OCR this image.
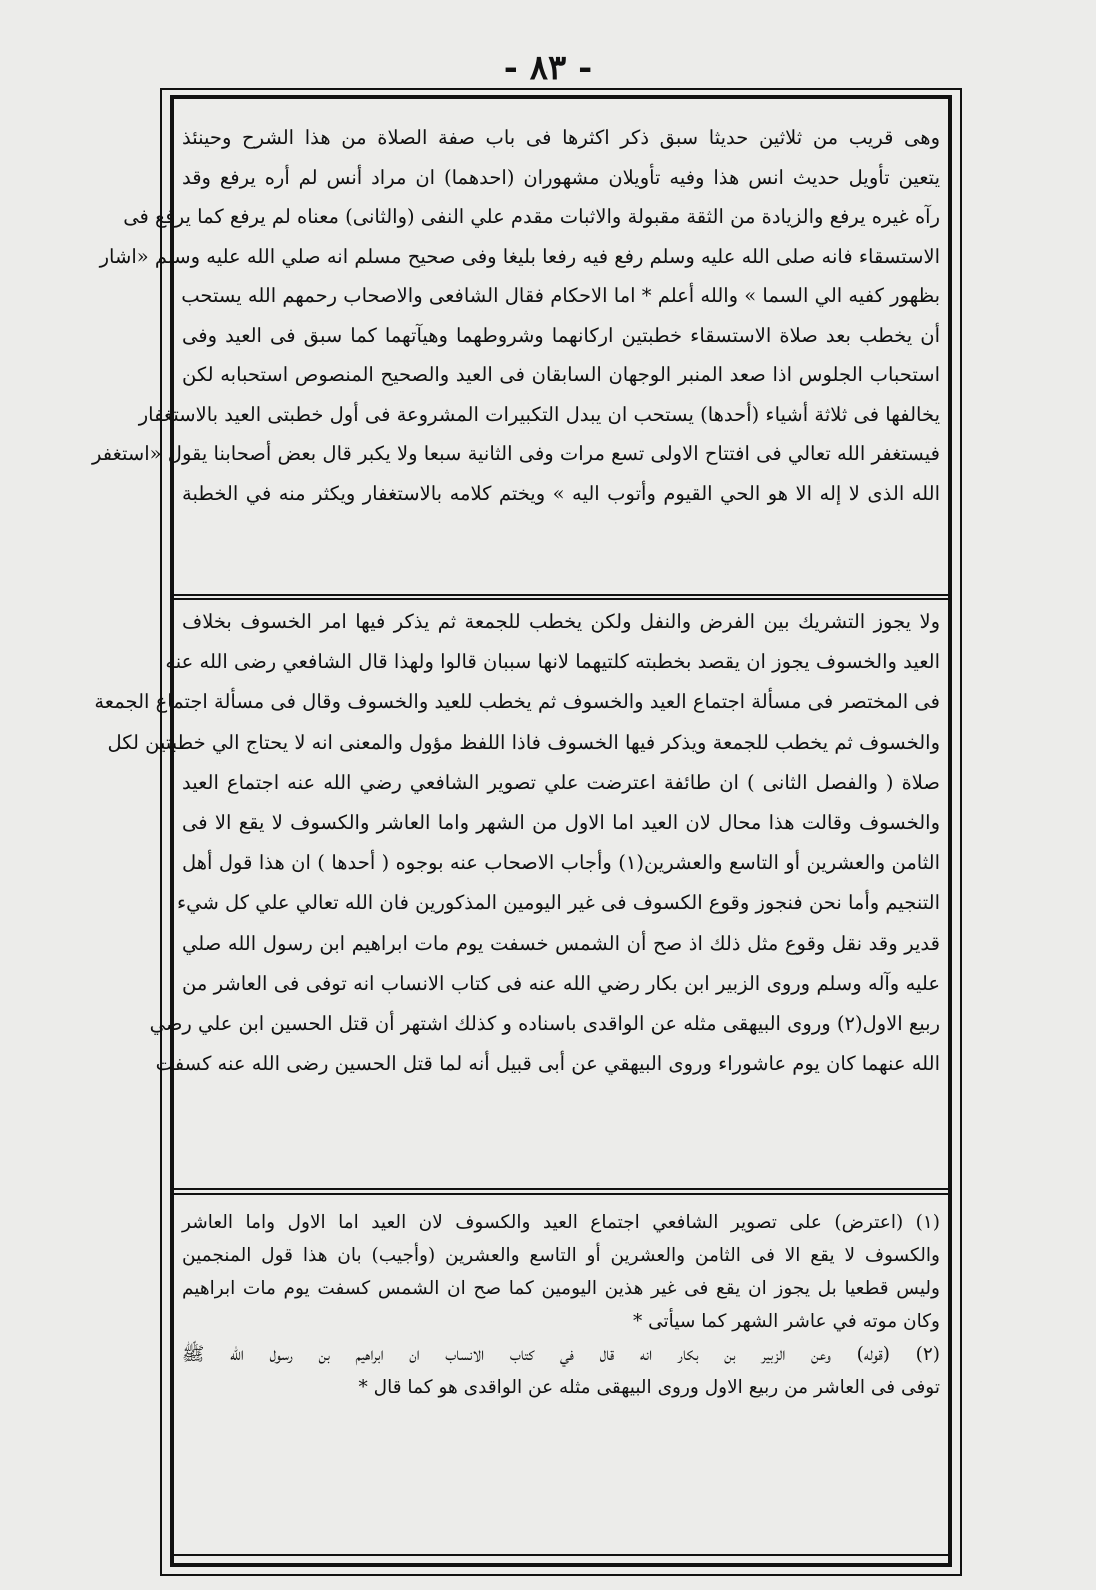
- ٨٣ -
وهى قريب من ثلاثين حديثا سبق ذكر اكثرها فى باب صفة الصلاة من هذا الشرح وحينئذ
يتعين تأويل حديث انس هذا وفيه تأويلان مشهوران (احدهما) ان مراد أنس لم أره يرفع وقد
رآه غيره يرفع والزيادة من الثقة مقبولة والاثبات مقدم علي النفى (والثانى) معناه لم يرفع كما يرفع فى
الاستسقاء فانه صلى الله عليه وسلم رفع فيه رفعا بليغا وفى صحيح مسلم انه صلي الله عليه وسلم «اشار
بظهور كفيه الي السما » والله أعلم * اما الاحكام فقال الشافعى والاصحاب رحمهم الله يستحب
أن يخطب بعد صلاة الاستسقاء خطبتين اركانهما وشروطهما وهيآتهما كما سبق فى العيد وفى
استحباب الجلوس اذا صعد المنبر الوجهان السابقان فى العيد والصحيح المنصوص استحبابه لكن
يخالفها فى ثلاثة أشياء (أحدها) يستحب ان يبدل التكبيرات المشروعة فى أول خطبتى العيد بالاستغفار
فيستغفر الله تعالي فى افتتاح الاولى تسع مرات وفى الثانية سبعا ولا يكبر قال بعض أصحابنا يقول «استغفر
الله الذى لا إله الا هو الحي القيوم وأتوب اليه » ويختم كلامه بالاستغفار ويكثر منه في الخطبة
ولا يجوز التشريك بين الفرض والنفل ولكن يخطب للجمعة ثم يذكر فيها امر الخسوف بخلاف
العيد والخسوف يجوز ان يقصد بخطبته كلتيهما لانها سببان قالوا ولهذا قال الشافعي رضى الله عنه
فى المختصر فى مسألة اجتماع العيد والخسوف ثم يخطب للعيد والخسوف وقال فى مسألة اجتماع الجمعة
والخسوف ثم يخطب للجمعة ويذكر فيها الخسوف فاذا اللفظ مؤول والمعنى انه لا يحتاج الي خطبتين لكل
صلاة ( والفصل الثانى ) ان طائفة اعترضت علي تصوير الشافعي رضي الله عنه اجتماع العيد
والخسوف وقالت هذا محال لان العيد اما الاول من الشهر واما العاشر والكسوف لا يقع الا فى
الثامن والعشرين أو التاسع والعشرين(١) وأجاب الاصحاب عنه بوجوه ( أحدها ) ان هذا قول أهل
التنجيم وأما نحن فنجوز وقوع الكسوف فى غير اليومين المذكورين فان الله تعالي علي كل شيء
قدير وقد نقل وقوع مثل ذلك اذ صح أن الشمس خسفت يوم مات ابراهيم ابن رسول الله صلي
عليه وآله وسلم وروى الزبير ابن بكار رضي الله عنه فى كتاب الانساب انه توفى فى العاشر من
ربيع الاول(٢) وروى البيهقى مثله عن الواقدى باسناده و كذلك اشتهر أن قتل الحسين ابن علي رضي
الله عنهما كان يوم عاشوراء وروى البيهقي عن أبى قبيل أنه لما قتل الحسين رضى الله عنه كسفت
(١) (اعترض) على تصوير الشافعي اجتماع العيد والكسوف لان العيد اما الاول واما العاشر
والكسوف لا يقع الا فى الثامن والعشرين أو التاسع والعشرين (وأجيب) بان هذا قول المنجمين
وليس قطعيا بل يجوز ان يقع فى غير هذين اليومين كما صح ان الشمس كسفت يوم مات ابراهيم
وكان موته في عاشر الشهر كما سيأتى *
(٢) (قوله) وعن الزبير بن بكار انه قال في كتاب الانساب ان ابراهيم بن رسول الله ﷺ
توفى فى العاشر من ربيع الاول وروى البيهقى مثله عن الواقدى هو كما قال *
